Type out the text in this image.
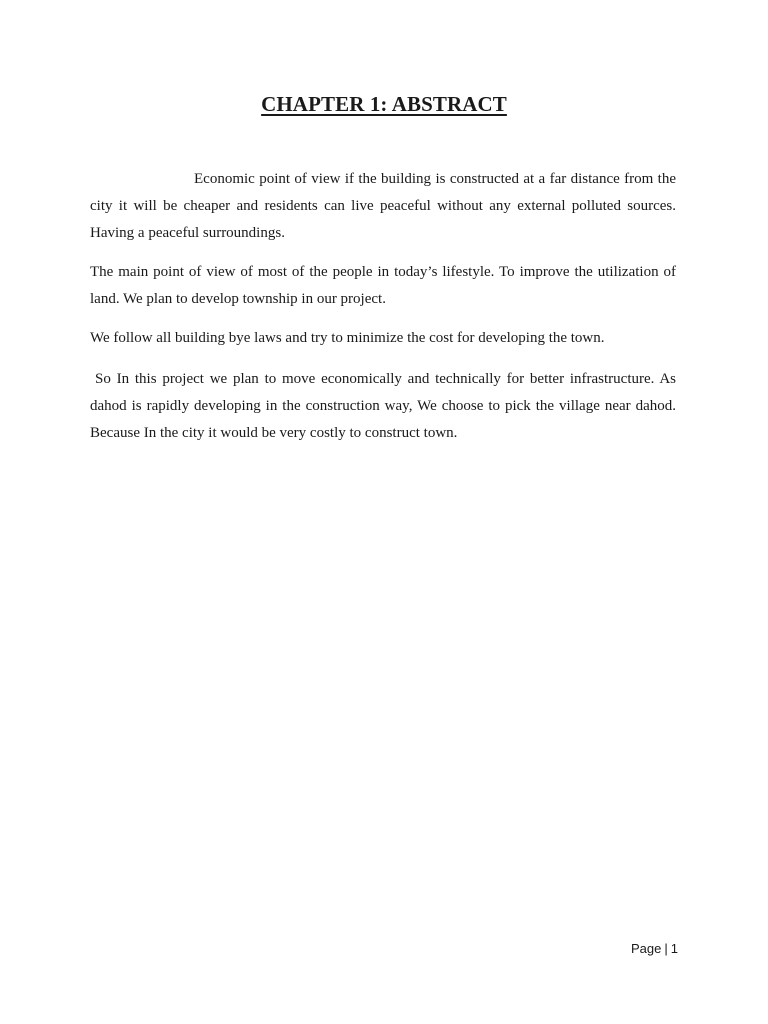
CHAPTER 1: ABSTRACT

Economic point of view if the building is constructed at a far distance from the city it will be cheaper and residents can live peaceful without any external polluted sources. Having a peaceful surroundings.

The main point of view of most of the people in today’s lifestyle. To improve the utilization of land. We plan to develop township in our project.

We follow all building bye laws and try to minimize the cost for developing the town.

So In this project we plan to move economically and technically for better infrastructure. As dahod is rapidly developing in the construction way, We choose to pick the village near dahod. Because In the city it would be very costly to construct town.

Page | 1
